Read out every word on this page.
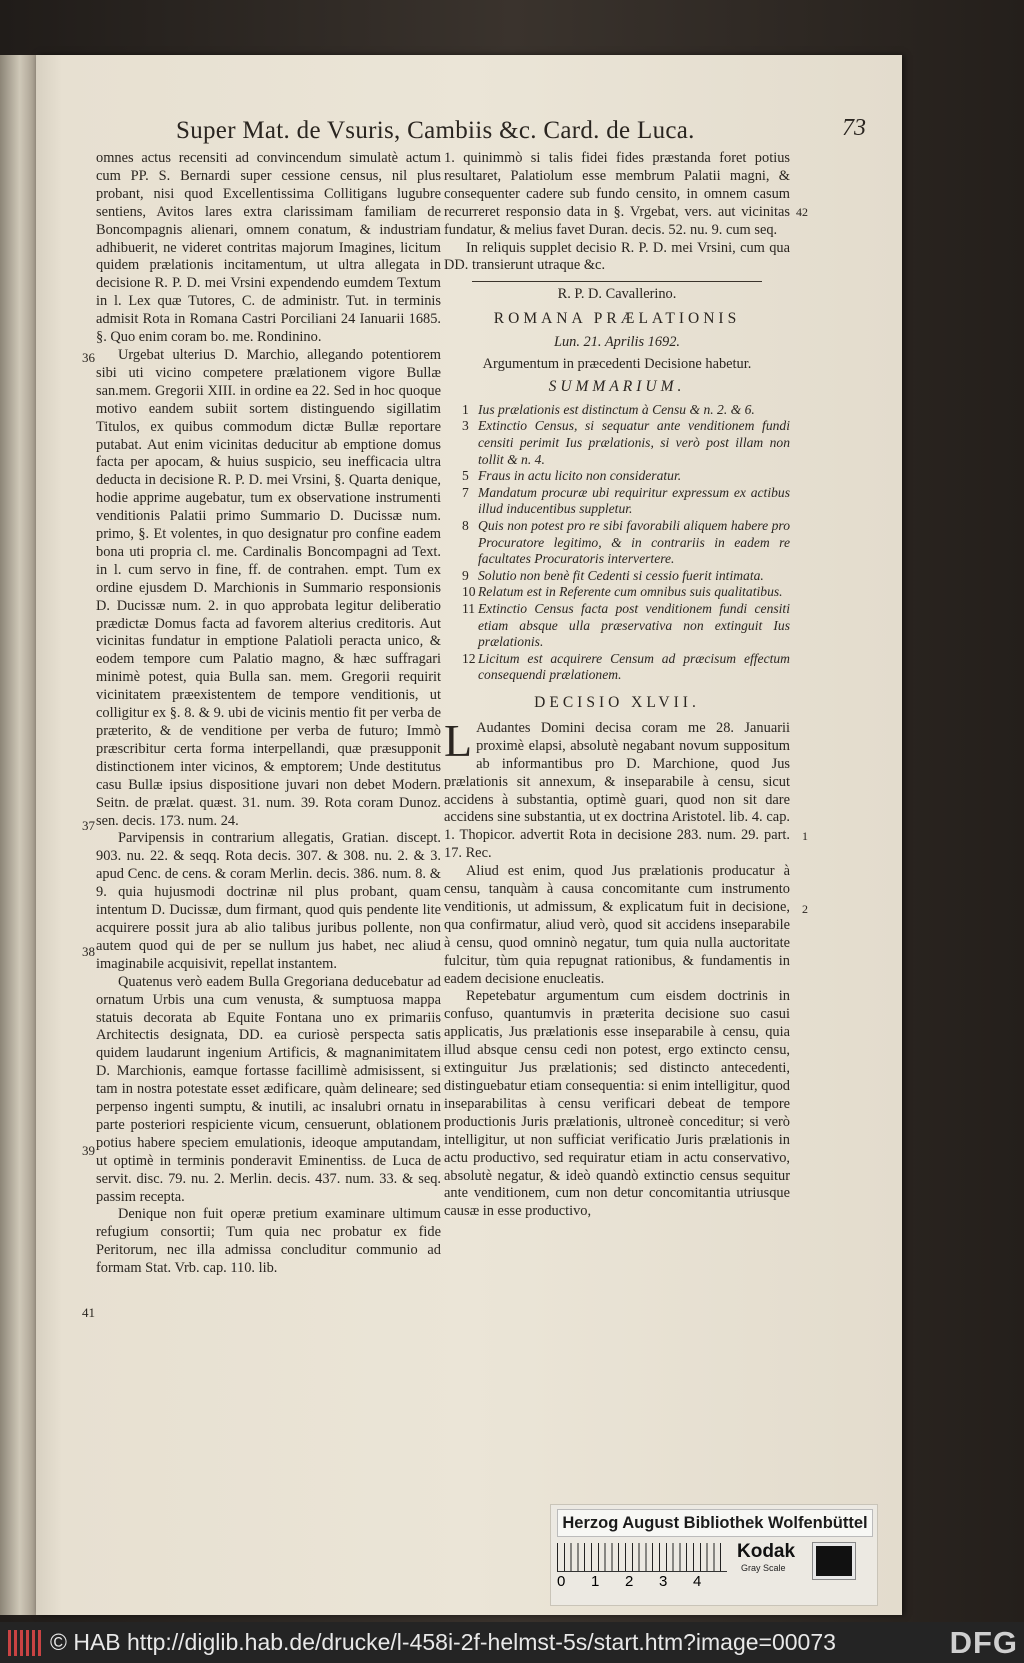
Super Mat. de Vsuris, Cambiis &c. Card. de Luca.	73

omnes actus recensiti ad convincendum simulatè actum cum PP. S. Bernardi super cessione census, nil plus probant, nisi quod Excellentissima Collitigans lugubre sentiens, Avitos lares extra clarissimam familiam de Boncompagnis alienari, omnem conatum, & industriam adhibuerit, ne videret contritas majorum Imagines, licitum quidem prælationis incitamentum, ut ultra allegata in decisione R. P. D. mei Vrsini expendendo eumdem Textum in l. Lex quæ Tutores, C. de administr. Tut. in terminis admisit Rota in Romana Castri Porciliani 24 Ianuarii 1685. §. Quo enim coram bo. me. Rondinino.

36
37
38
39

Urgebat ulterius D. Marchio, allegando potentiorem sibi uti vicino competere prælationem vigore Bullæ san.mem. Gregorii XIII. in ordine ea 22. Sed in hoc quoque motivo eandem subiit sortem distinguendo sigillatim Titulos, ex quibus commodum dictæ Bullæ reportare putabat. Aut enim vicinitas deducitur ab emptione domus facta per apocam, & huius suspicio, seu inefficacia ultra deducta in decisione R. P. D. mei Vrsini, §. Quarta denique, hodie apprime augebatur, tum ex observatione instrumenti venditionis Palatii primo Summario D. Ducissæ num. primo, §. Et volentes, in quo designatur pro confine eadem bona uti propria cl. me. Cardinalis Boncompagni ad Text. in l. cum servo in fine, ff. de contrahen. empt. Tum ex ordine ejusdem D. Marchionis in Summario responsionis D. Ducissæ num. 2. in quo approbata legitur deliberatio prædictæ Domus facta ad favorem alterius creditoris. Aut vicinitas fundatur in emptione Palatioli peracta unico, & eodem tempore cum Palatio magno, & hæc suffragari minimè potest, quia Bulla san. mem. Gregorii requirit vicinitatem præexistentem de tempore venditionis, ut colligitur ex §. 8. & 9. ubi de vicinis mentio fit per verba de præterito, & de venditione per verba de futuro; Immò præscribitur certa forma interpellandi, quæ præsupponit distinctionem inter vicinos, & emptorem; Unde destitutus casu Bullæ ipsius dispositione juvari non debet Modern. Seitn. de prælat. quæst. 31. num. 39. Rota coram Dunoz. sen. decis. 173. num. 24.

Parvipensis in contrarium allegatis, Gratian. discept. 903. nu. 22. & seqq. Rota decis. 307. & 308. nu. 2. & 3. apud Cenc. de cens. & coram Merlin. decis. 386. num. 8. & 9. quia hujusmodi doctrinæ nil plus probant, quam intentum D. Ducissæ, dum firmant, quod quis pendente lite acquirere possit jura ab alio talibus juribus pollente, non autem quod qui de per se nullum jus habet, nec aliud imaginabile acquisivit, repellat instantem.

41

Quatenus verò eadem Bulla Gregoriana deducebatur ad ornatum Urbis una cum venusta, & sumptuosa mappa statuis decorata ab Equite Fontana uno ex primariis Architectis designata, DD. ea curiosè perspecta satis quidem laudarunt ingenium Artificis, & magnanimitatem D. Marchionis, eamque fortasse facillimè admisissent, si tam in nostra potestate esset ædificare, quàm delineare; sed perpenso ingenti sumptu, & inutili, ac insalubri ornatu in parte posteriori respiciente vicum, censuerunt, oblationem potius habere speciem emulationis, ideoque amputandam, ut optimè in terminis ponderavit Eminentiss. de Luca de servit. disc. 79. nu. 2. Merlin. decis. 437. num. 33. & seq. passim recepta.

Denique non fuit operæ pretium examinare ultimum refugium consortii; Tum quia nec probatur ex fide Peritorum, nec illa admissa concluditur communio ad formam Stat. Vrb. cap. 110. lib.

42

1. quinimmò si talis fidei fides præstanda foret potius resultaret, Palatiolum esse membrum Palatii magni, & consequenter cadere sub fundo censito, in omnem casum recurreret responsio data in §. Vrgebat, vers. aut vicinitas fundatur, & melius favet Duran. decis. 52. nu. 9. cum seq.

In reliquis supplet decisio R. P. D. mei Vrsini, cum qua DD. transierunt utraque &c.

R. P. D. Cavallerino.

ROMANA PRÆLATIONIS

Lun. 21. Aprilis 1692.

Argumentum in præcedenti Decisione habetur.

SUMMARIUM.

1 Ius prælationis est distinctum à Censu & n. 2. & 6.

3 Extinctio Census, si sequatur ante venditionem fundi censiti perimit Ius prælationis, si verò post illam non tollit & n. 4.

5 Fraus in actu licito non consideratur.

7 Mandatum procuræ ubi requiritur expressum ex actibus illud inducentibus suppletur.

8 Quis non potest pro re sibi favorabili aliquem habere pro Procuratore legitimo, & in contrariis in eadem re facultates Procuratoris intervertere.

9 Solutio non benè fit Cedenti si cessio fuerit intimata.

10 Relatum est in Referente cum omnibus suis qualitatibus.

11 Extinctio Census facta post venditionem fundi censiti etiam absque ulla præservativa non extinguit Ius prælationis.

12 Licitum est acquirere Censum ad præcisum effectum consequendi prælationem.

DECISIO XLVII.

L
1

Audantes Domini decisa coram me 28. Januarii proximè elapsi, absolutè negabant novum suppositum ab informantibus pro D. Marchione, quod Jus prælationis sit annexum, & inseparabile à censu, sicut accidens à substantia, optimè guari, quod non sit dare accidens sine substantia, ut ex doctrina Aristotel. lib. 4. cap. 1. Thopicor. advertit Rota in decisione 283. num. 29. part. 17. Rec.

2

Aliud est enim, quod Jus prælationis producatur à censu, tanquàm à causa concomitante cum instrumento venditionis, ut admissum, & explicatum fuit in decisione, qua confirmatur, aliud verò, quod sit accidens inseparabile à censu, quod omninò negatur, tum quia nulla auctoritate fulcitur, tùm quia repugnat rationibus, & fundamentis in eadem decisione enucleatis.

Repetebatur argumentum cum eisdem doctrinis in confuso, quantumvis in præterita decisione suo casui applicatis, Jus prælationis esse inseparabile à censu, quia illud absque censu cedi non potest, ergo extincto censu, extinguitur Jus prælationis; sed distincto antecedenti, distinguebatur etiam consequentia: si enim intelligitur, quod inseparabilitas à censu verificari debeat de tempore productionis Juris prælationis, ultroneè conceditur; si verò intelligitur, ut non sufficiat verificatio Juris prælationis in actu productivo, sed requiratur etiam in actu conservativo, absolutè negatur, & ideò quandò extinctio census sequitur ante venditionem, cum non detur concomitantia utriusque causæ in esse productivo,

Herzog August Bibliothek Wolfenbüttel
0 1 2 3 4
Kodak
Gray Scale
© HAB http://diglib.hab.de/drucke/l-458i-2f-helmst-5s/start.htm?image=00073	DFG
